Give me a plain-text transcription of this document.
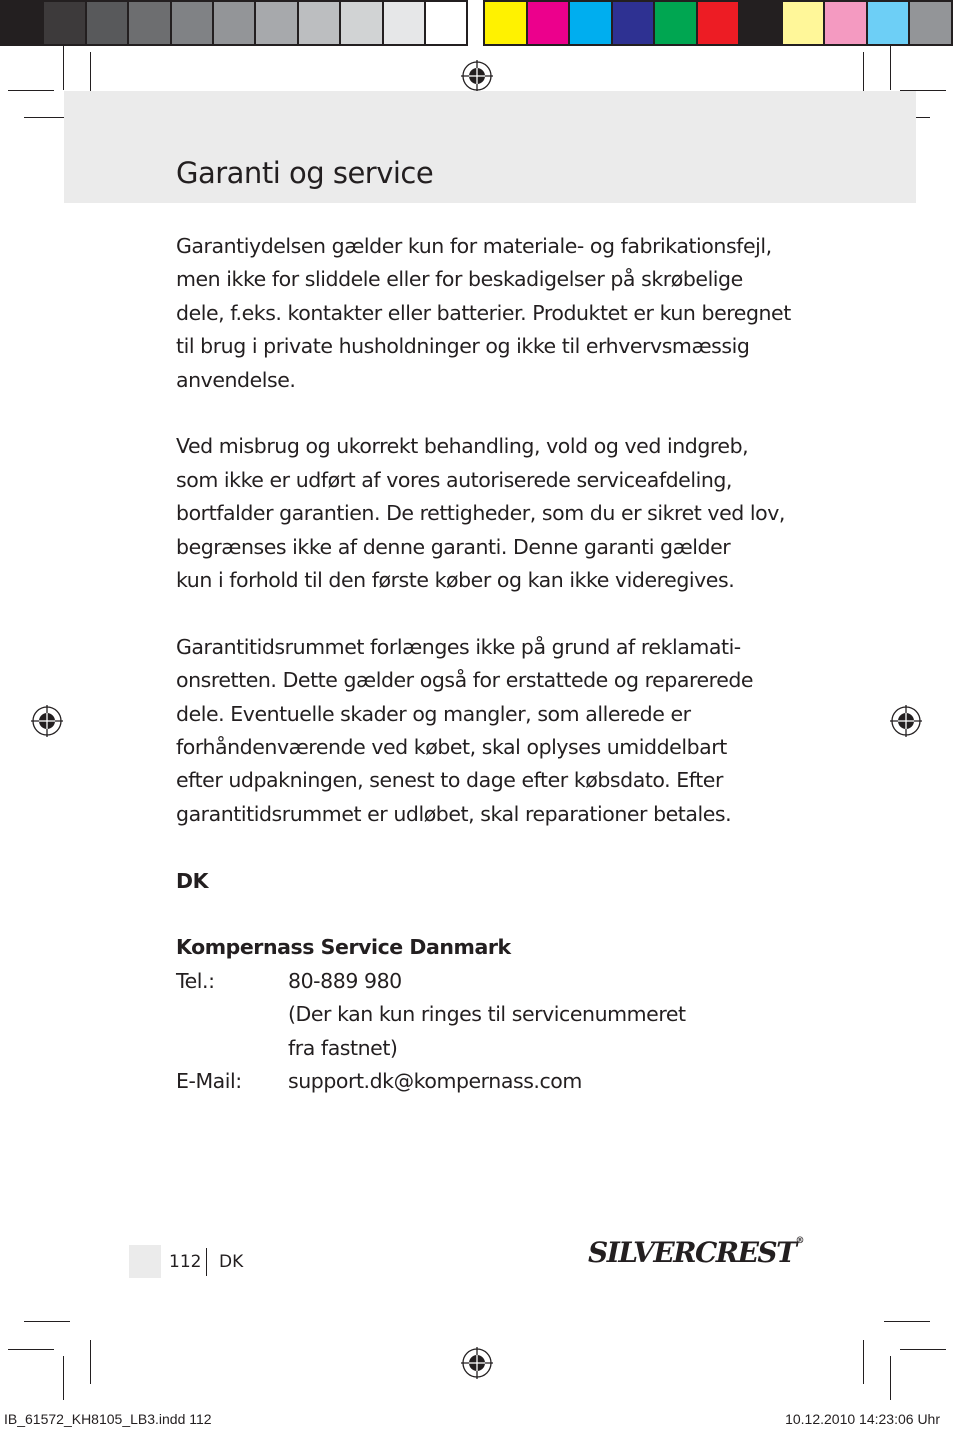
Garanti og service

Garantiydelsen gælder kun for materiale- og fabrikationsfejl,
men ikke for sliddele eller for beskadigelser på skrøbelige
dele, f.eks. kontakter eller batterier. Produktet er kun beregnet
til brug i private husholdninger og ikke til erhvervsmæssig
anvendelse.

Ved misbrug og ukorrekt behandling, vold og ved indgreb,
som ikke er udført af vores autoriserede serviceafdeling,
bortfalder garantien. De rettigheder, som du er sikret ved lov,
begrænses ikke af denne garanti. Denne garanti gælder
kun i forhold til den første køber og kan ikke videregives.

Garantitidsrummet forlænges ikke på grund af reklamati-
onsretten. Dette gælder også for erstattede og reparerede
dele. Eventuelle skader og mangler, som allerede er
forhåndenværende ved købet, skal oplyses umiddelbart
efter udpakningen, senest to dage efter købsdato. Efter
garantitidsrummet er udløbet, skal reparationer betales.

DK

Kompernass Service Danmark
Tel.:	80-889 980
(Der kan kun ringes til servicenummeret
fra fastnet)
E-Mail:	support.dk@kompernass.com
112 DK	SILVERCREST®
IB_61572_KH8105_LB3.indd 112	10.12.2010 14:23:06 Uhr
